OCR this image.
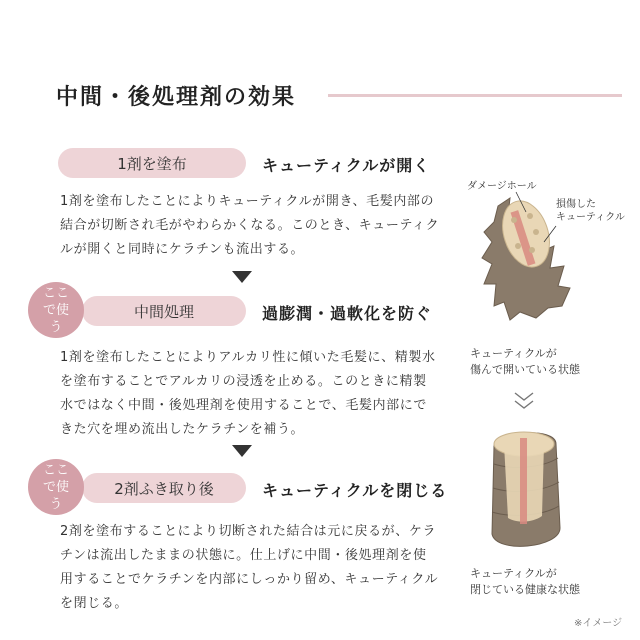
中間・後処理剤の効果
1剤を塗布	キューティクルが開く
1剤を塗布したことによりキューティクルが開き、毛髪内部の結合が切断され毛がやわらかくなる。このとき、キューティクルが開くと同時にケラチンも流出する。
中間処理
ここで使う
過膨潤・過軟化を防ぐ
1剤を塗布したことによりアルカリ性に傾いた毛髪に、精製水を塗布することでアルカリの浸透を止める。このときに精製水ではなく中間・後処理剤を使用することで、毛髪内部にできた穴を埋め流出したケラチンを補う。
2剤ふき取り後
ここで使う
キューティクルを閉じる
2剤を塗布することにより切断された結合は元に戻るが、ケラチンは流出したままの状態に。仕上げに中間・後処理剤を使用することでケラチンを内部にしっかり留め、キューティクルを閉じる。
ダメージホール
損傷した
キューティクル
キューティクルが
傷んで開いている状態
キューティクルが
閉じている健康な状態
※イメージ
